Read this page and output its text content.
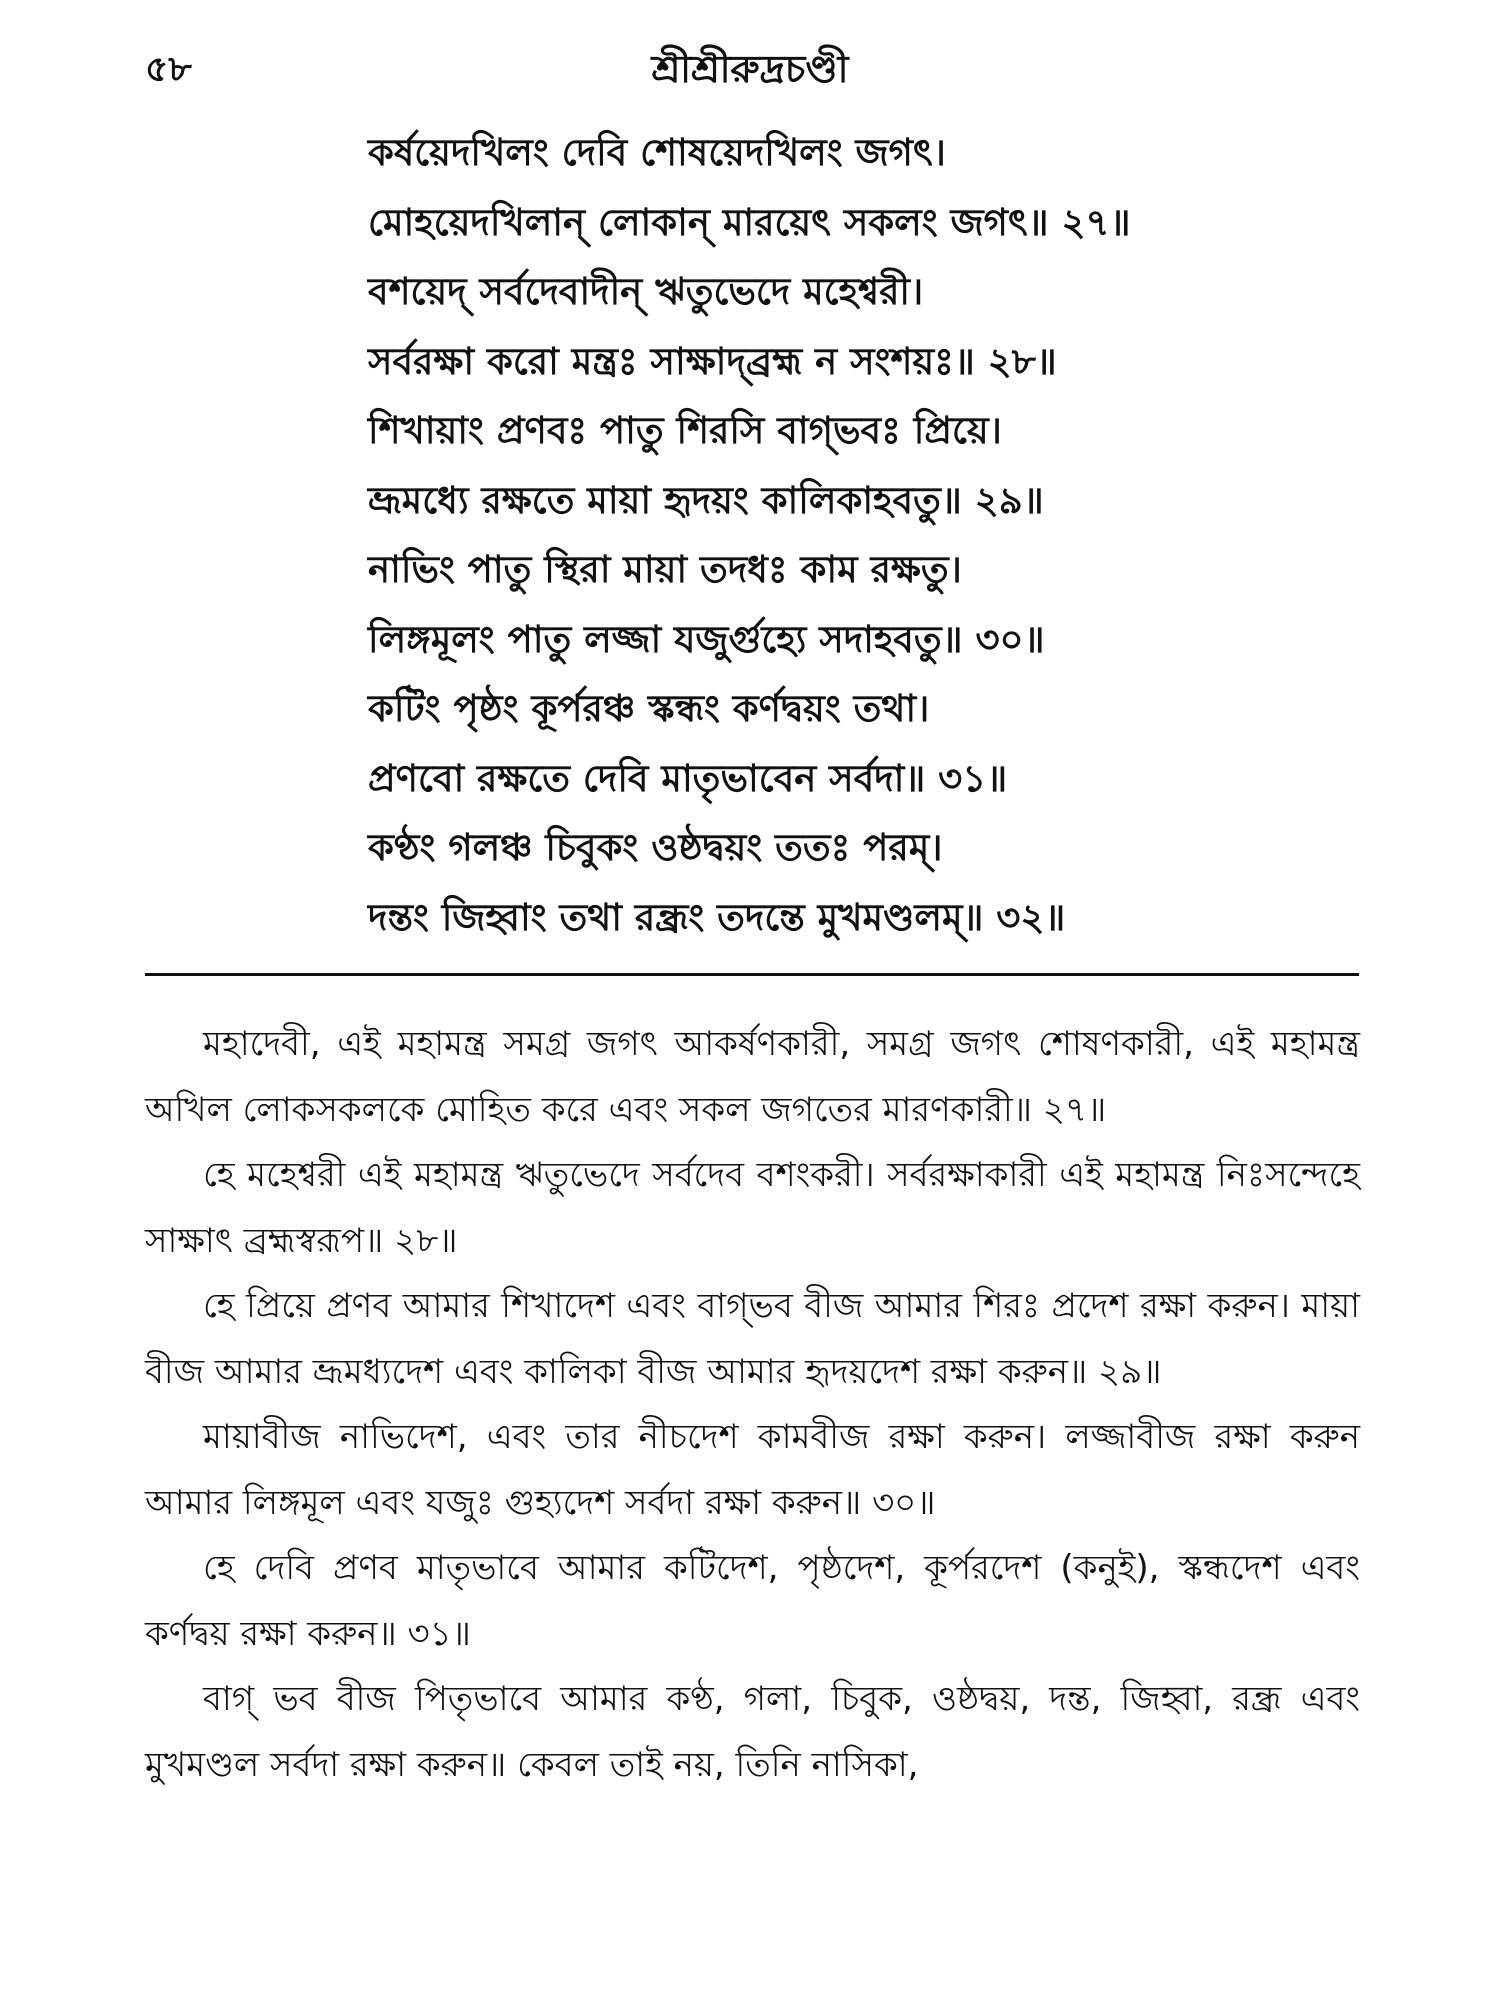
৫৮	শ্রীশ্রীরুদ্রচণ্ডী
কর্ষয়েদখিলং দেবি শোষয়েদখিলং জগৎ।
মোহয়েদখিলান্ লোকান্ মারয়েৎ সকলং জগৎ॥ ২৭॥
বশয়েদ্ সর্বদেবাদীন্ ঋতুভেদে মহেশ্বরী।
সর্বরক্ষা করো মন্ত্রঃ সাক্ষাদ্‌ব্রহ্ম ন সংশয়ঃ॥ ২৮॥
শিখায়াং প্রণবঃ পাতু শিরসি বাগ্ভবঃ প্রিয়ে।
ভ্রূমধ্যে রক্ষতে মায়া হৃদয়ং কালিকাহবতু॥ ২৯॥
নাভিং পাতু স্থিরা মায়া তদধঃ কাম রক্ষতু।
লিঙ্গমূলং পাতু লজ্জা যজুর্গুহ্যে সদাহবতু॥ ৩০॥
কটিং পৃষ্ঠং কূর্পরঞ্চ স্কন্ধং কর্ণদ্বয়ং তথা।
প্রণবো রক্ষতে দেবি মাতৃভাবেন সর্বদা॥ ৩১॥
কণ্ঠং গলঞ্চ চিবুকং ওষ্ঠদ্বয়ং ততঃ পরম্।
দন্তং জিহ্বাং তথা রন্ধ্রং তদন্তে মুখমণ্ডলম্॥ ৩২॥

মহাদেবী, এই মহামন্ত্র সমগ্র জগৎ আকর্ষণকারী, সমগ্র জগৎ শোষণকারী, এই মহামন্ত্র অখিল লোকসকলকে মোহিত করে এবং সকল জগতের মারণকারী॥ ২৭॥

হে মহেশ্বরী এই মহামন্ত্র ঋতুভেদে সর্বদেব বশংকরী। সর্বরক্ষাকারী এই মহামন্ত্র নিঃসন্দেহে সাক্ষাৎ ব্রহ্মস্বরূপ॥ ২৮॥

হে প্রিয়ে প্রণব আমার শিখাদেশ এবং বাগ্ভব বীজ আমার শিরঃ প্রদেশ রক্ষা করুন। মায়া বীজ আমার ভ্রূমধ্যদেশ এবং কালিকা বীজ আমার হৃদয়দেশ রক্ষা করুন॥ ২৯॥

মায়াবীজ নাভিদেশ, এবং তার নীচদেশ কামবীজ রক্ষা করুন। লজ্জাবীজ রক্ষা করুন আমার লিঙ্গমূল এবং যজুঃ গুহ্যদেশ সর্বদা রক্ষা করুন॥ ৩০॥

হে দেবি প্রণব মাতৃভাবে আমার কটিদেশ, পৃষ্ঠদেশ, কূর্পরদেশ (কনুই), স্কন্ধদেশ এবং কর্ণদ্বয় রক্ষা করুন॥ ৩১॥

বাগ্ ভব বীজ পিতৃভাবে আমার কণ্ঠ, গলা, চিবুক, ওষ্ঠদ্বয়, দন্ত, জিহ্বা, রন্ধ্র এবং মুখমণ্ডল সর্বদা রক্ষা করুন॥ কেবল তাই নয়, তিনি নাসিকা,
